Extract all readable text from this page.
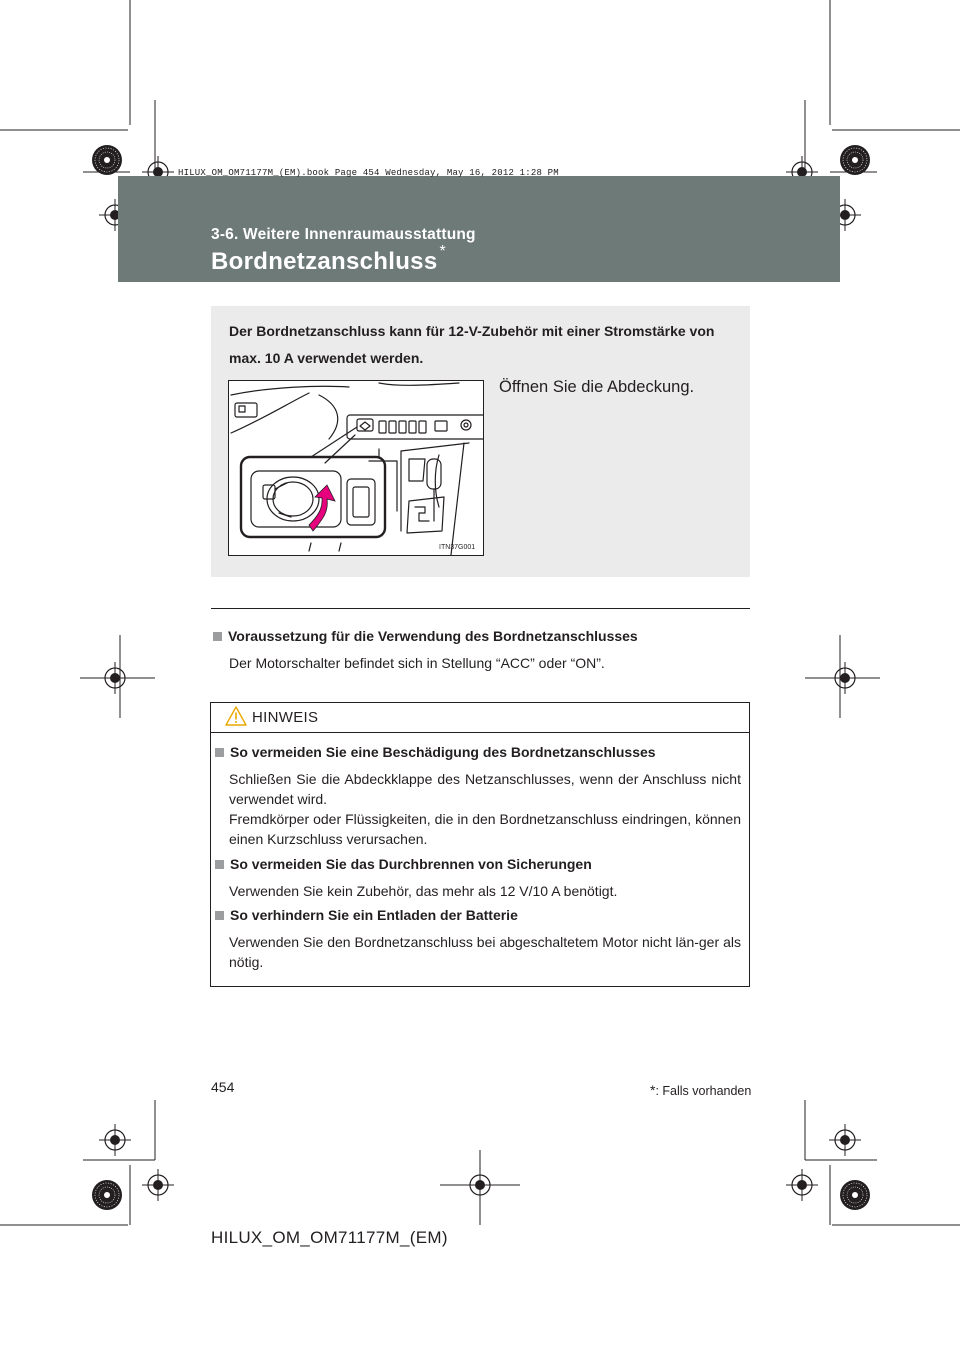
HILUX_OM_OM71177M_(EM).book Page 454 Wednesday, May 16, 2012 1:28 PM
3-6. Weitere Innenraumausstattung
Bordnetzanschluss *
Der Bordnetzanschluss kann für 12-V-Zubehör mit einer Stromstärke von max. 10 A verwendet werden.
ITN37G001
Öffnen Sie die Abdeckung.
Voraussetzung für die Verwendung des Bordnetzanschlusses
Der Motorschalter befindet sich in Stellung “ACC” oder “ON”.
HINWEIS
So vermeiden Sie eine Beschädigung des Bordnetzanschlusses
Schließen Sie die Abdeckklappe des Netzanschlusses, wenn der Anschluss nicht verwendet wird.
Fremdkörper oder Flüssigkeiten, die in den Bordnetzanschluss eindringen, können einen Kurzschluss verursachen.
So vermeiden Sie das Durchbrennen von Sicherungen
Verwenden Sie kein Zubehör, das mehr als 12 V/10 A benötigt.
So verhindern Sie ein Entladen der Batterie
Verwenden Sie den Bordnetzanschluss bei abgeschaltetem Motor nicht län-ger als nötig.
454	*: Falls vorhanden
HILUX_OM_OM71177M_(EM)
